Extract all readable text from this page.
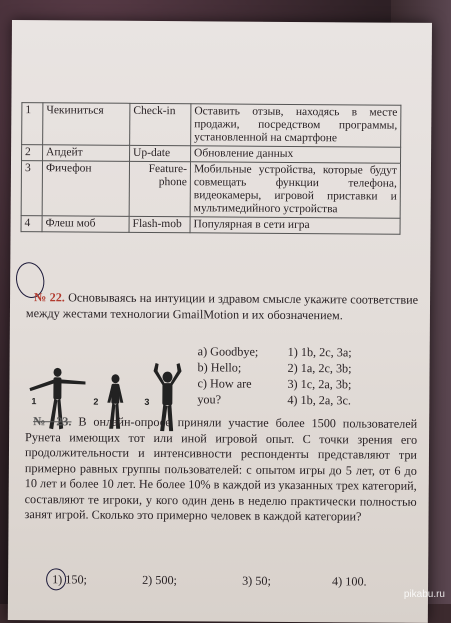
1	Чекиниться	Check-in	Оставить отзыв, находясь в месте продажи, посредством программы, установленной на смартфоне
2	Апдейт	Up-date	Обновление данных
3	Фичефон	Feature-phone	Мобильные устройства, которые будут совмещать функции телефона, видеокамеры, игровой приставки и мультимедийного устройства
4	Флеш моб	Flash-mob	Популярная в сети игра

№ 22. Основываясь на интуиции и здравом смысле укажите соответствие между жестами технологии GmailMotion и их обозначением.

1	2	3
a) Goodbye;
b) Hello;
c) How are
you?
1) 1b, 2c, 3a;
2) 1a, 2c, 3b;
3) 1c, 2a, 3b;
4) 1b, 2a, 3c.

№ 23. В онлайн-опросе приняли участие более 1500 пользователей Рунета имеющих тот или иной игровой опыт. С точки зрения его продолжительности и интенсивности респонденты представляют три примерно равных группы пользователей: с опытом игры до 5 лет, от 6 до 10 лет и более 10 лет. Не более 10% в каждой из указанных трех категорий, составляют те игроки, у кого один день в неделю практически полностью занят игрой. Сколько это примерно человек в каждой категории?

1) 150;	2) 500;	3) 50;	4) 100.
pikabu.ru
